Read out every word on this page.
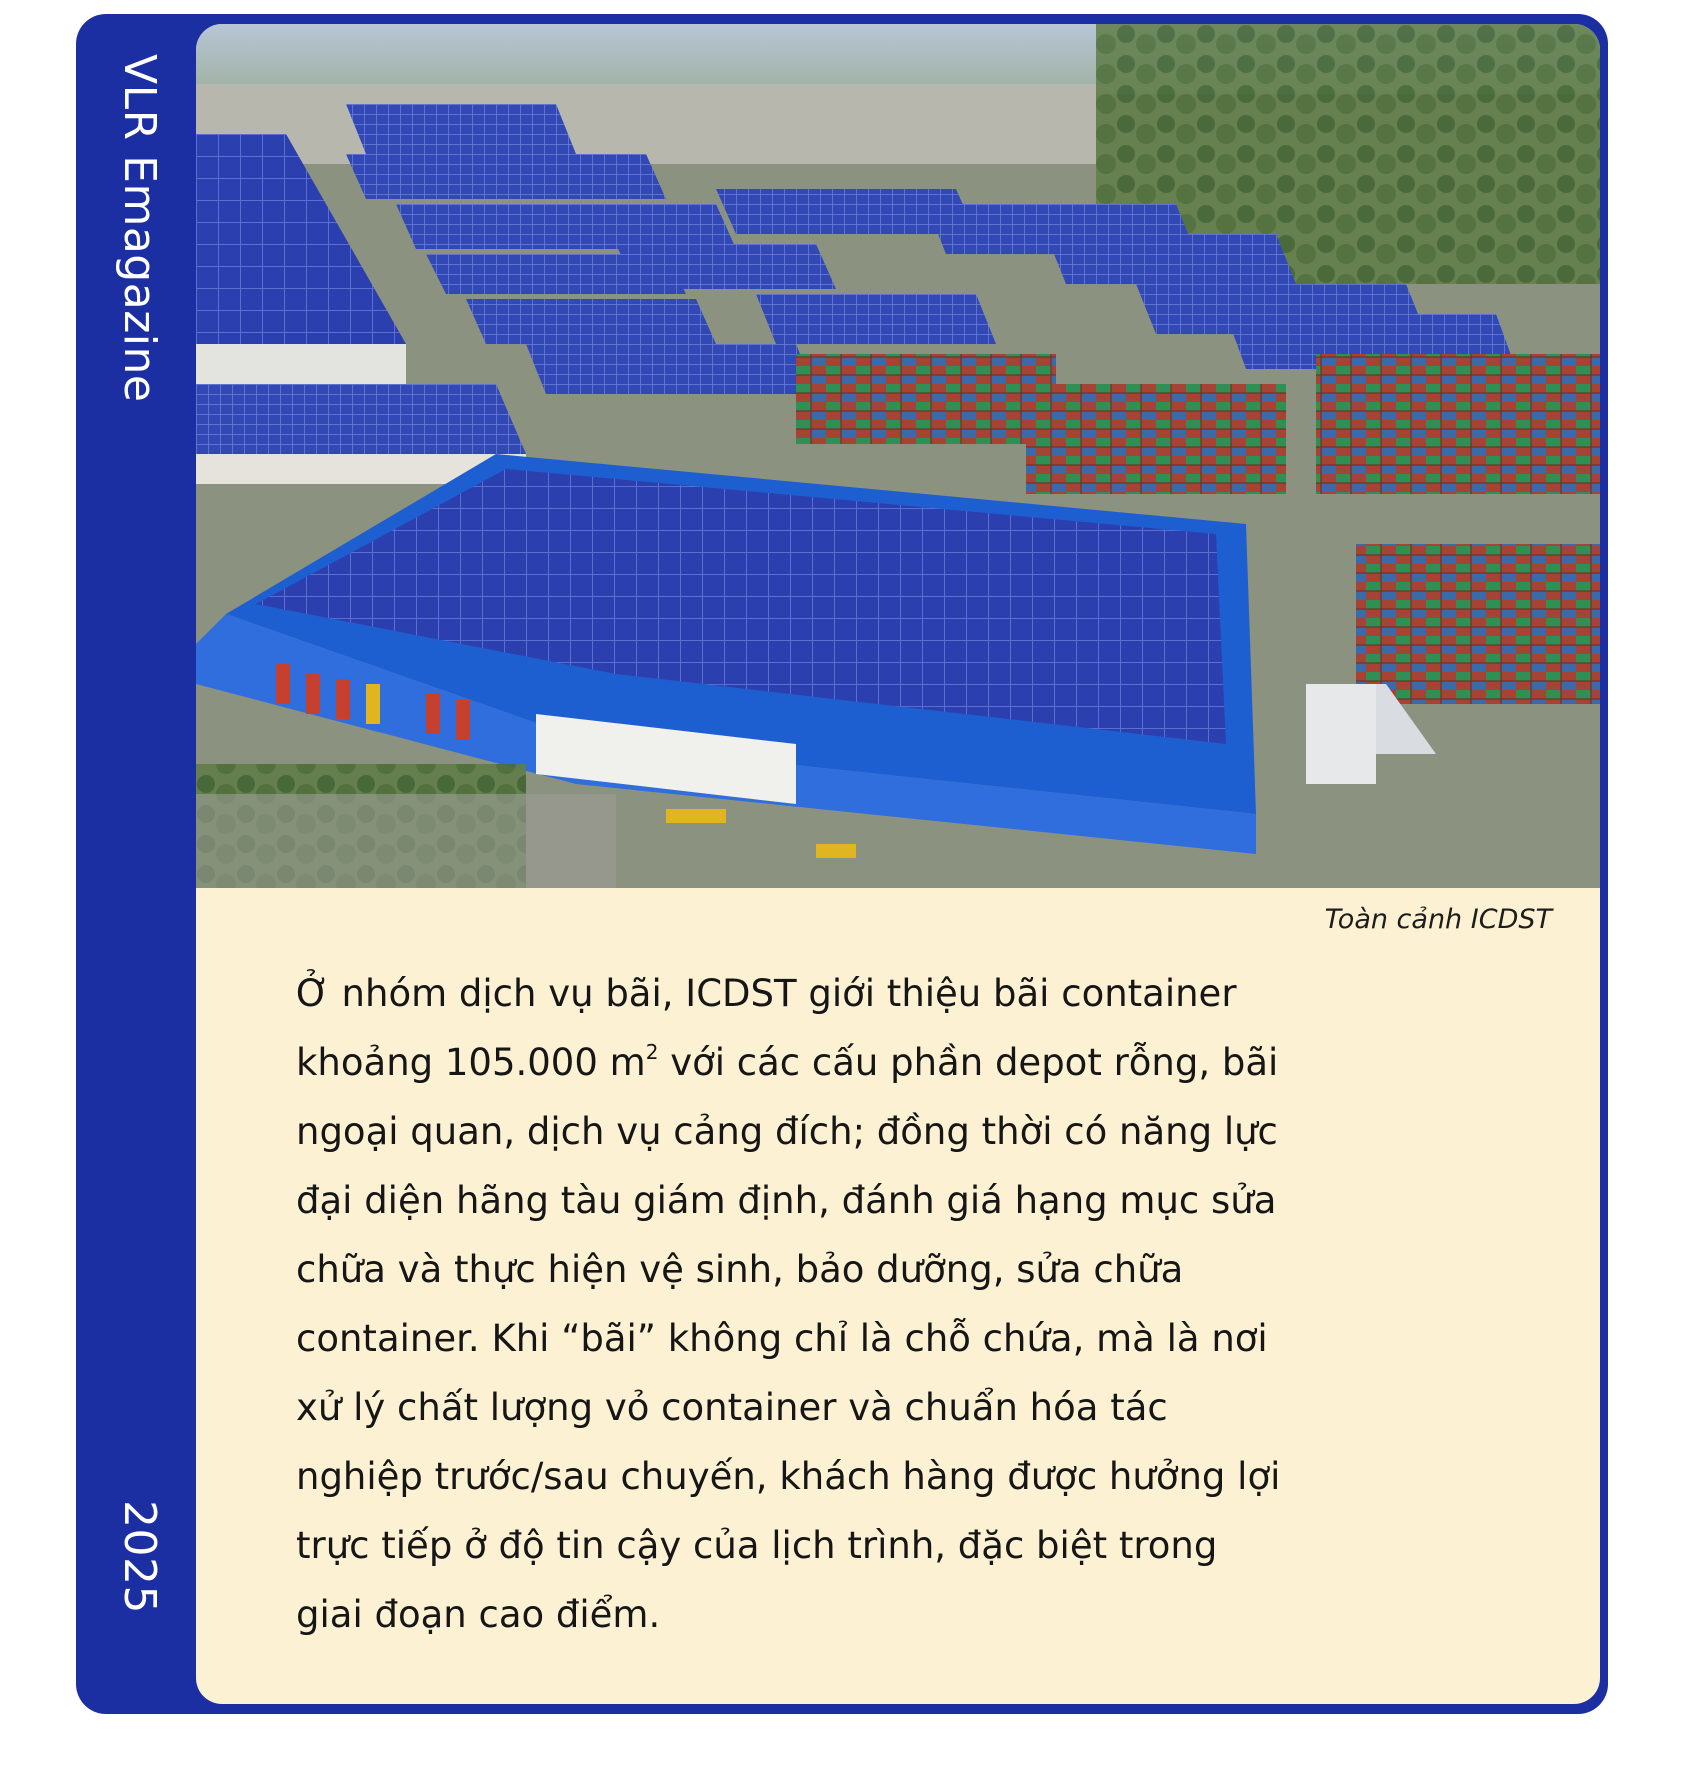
VLR Emagazine
2025
Toàn cảnh ICDST
Ở nhóm dịch vụ bãi, ICDST giới thiệu bãi container
khoảng 105.000 $m^2$ với các cấu phần depot rỗng, bãi
ngoại quan, dịch vụ cảng đích; đồng thời có năng lực
đại diện hãng tàu giám định, đánh giá hạng mục sửa
chữa và thực hiện vệ sinh, bảo dưỡng, sửa chữa
container. Khi “bãi” không chỉ là chỗ chứa, mà là nơi
xử lý chất lượng vỏ container và chuẩn hóa tác
nghiệp trước/sau chuyến, khách hàng được hưởng lợi
trực tiếp ở độ tin cậy của lịch trình, đặc biệt trong
giai đoạn cao điểm.
